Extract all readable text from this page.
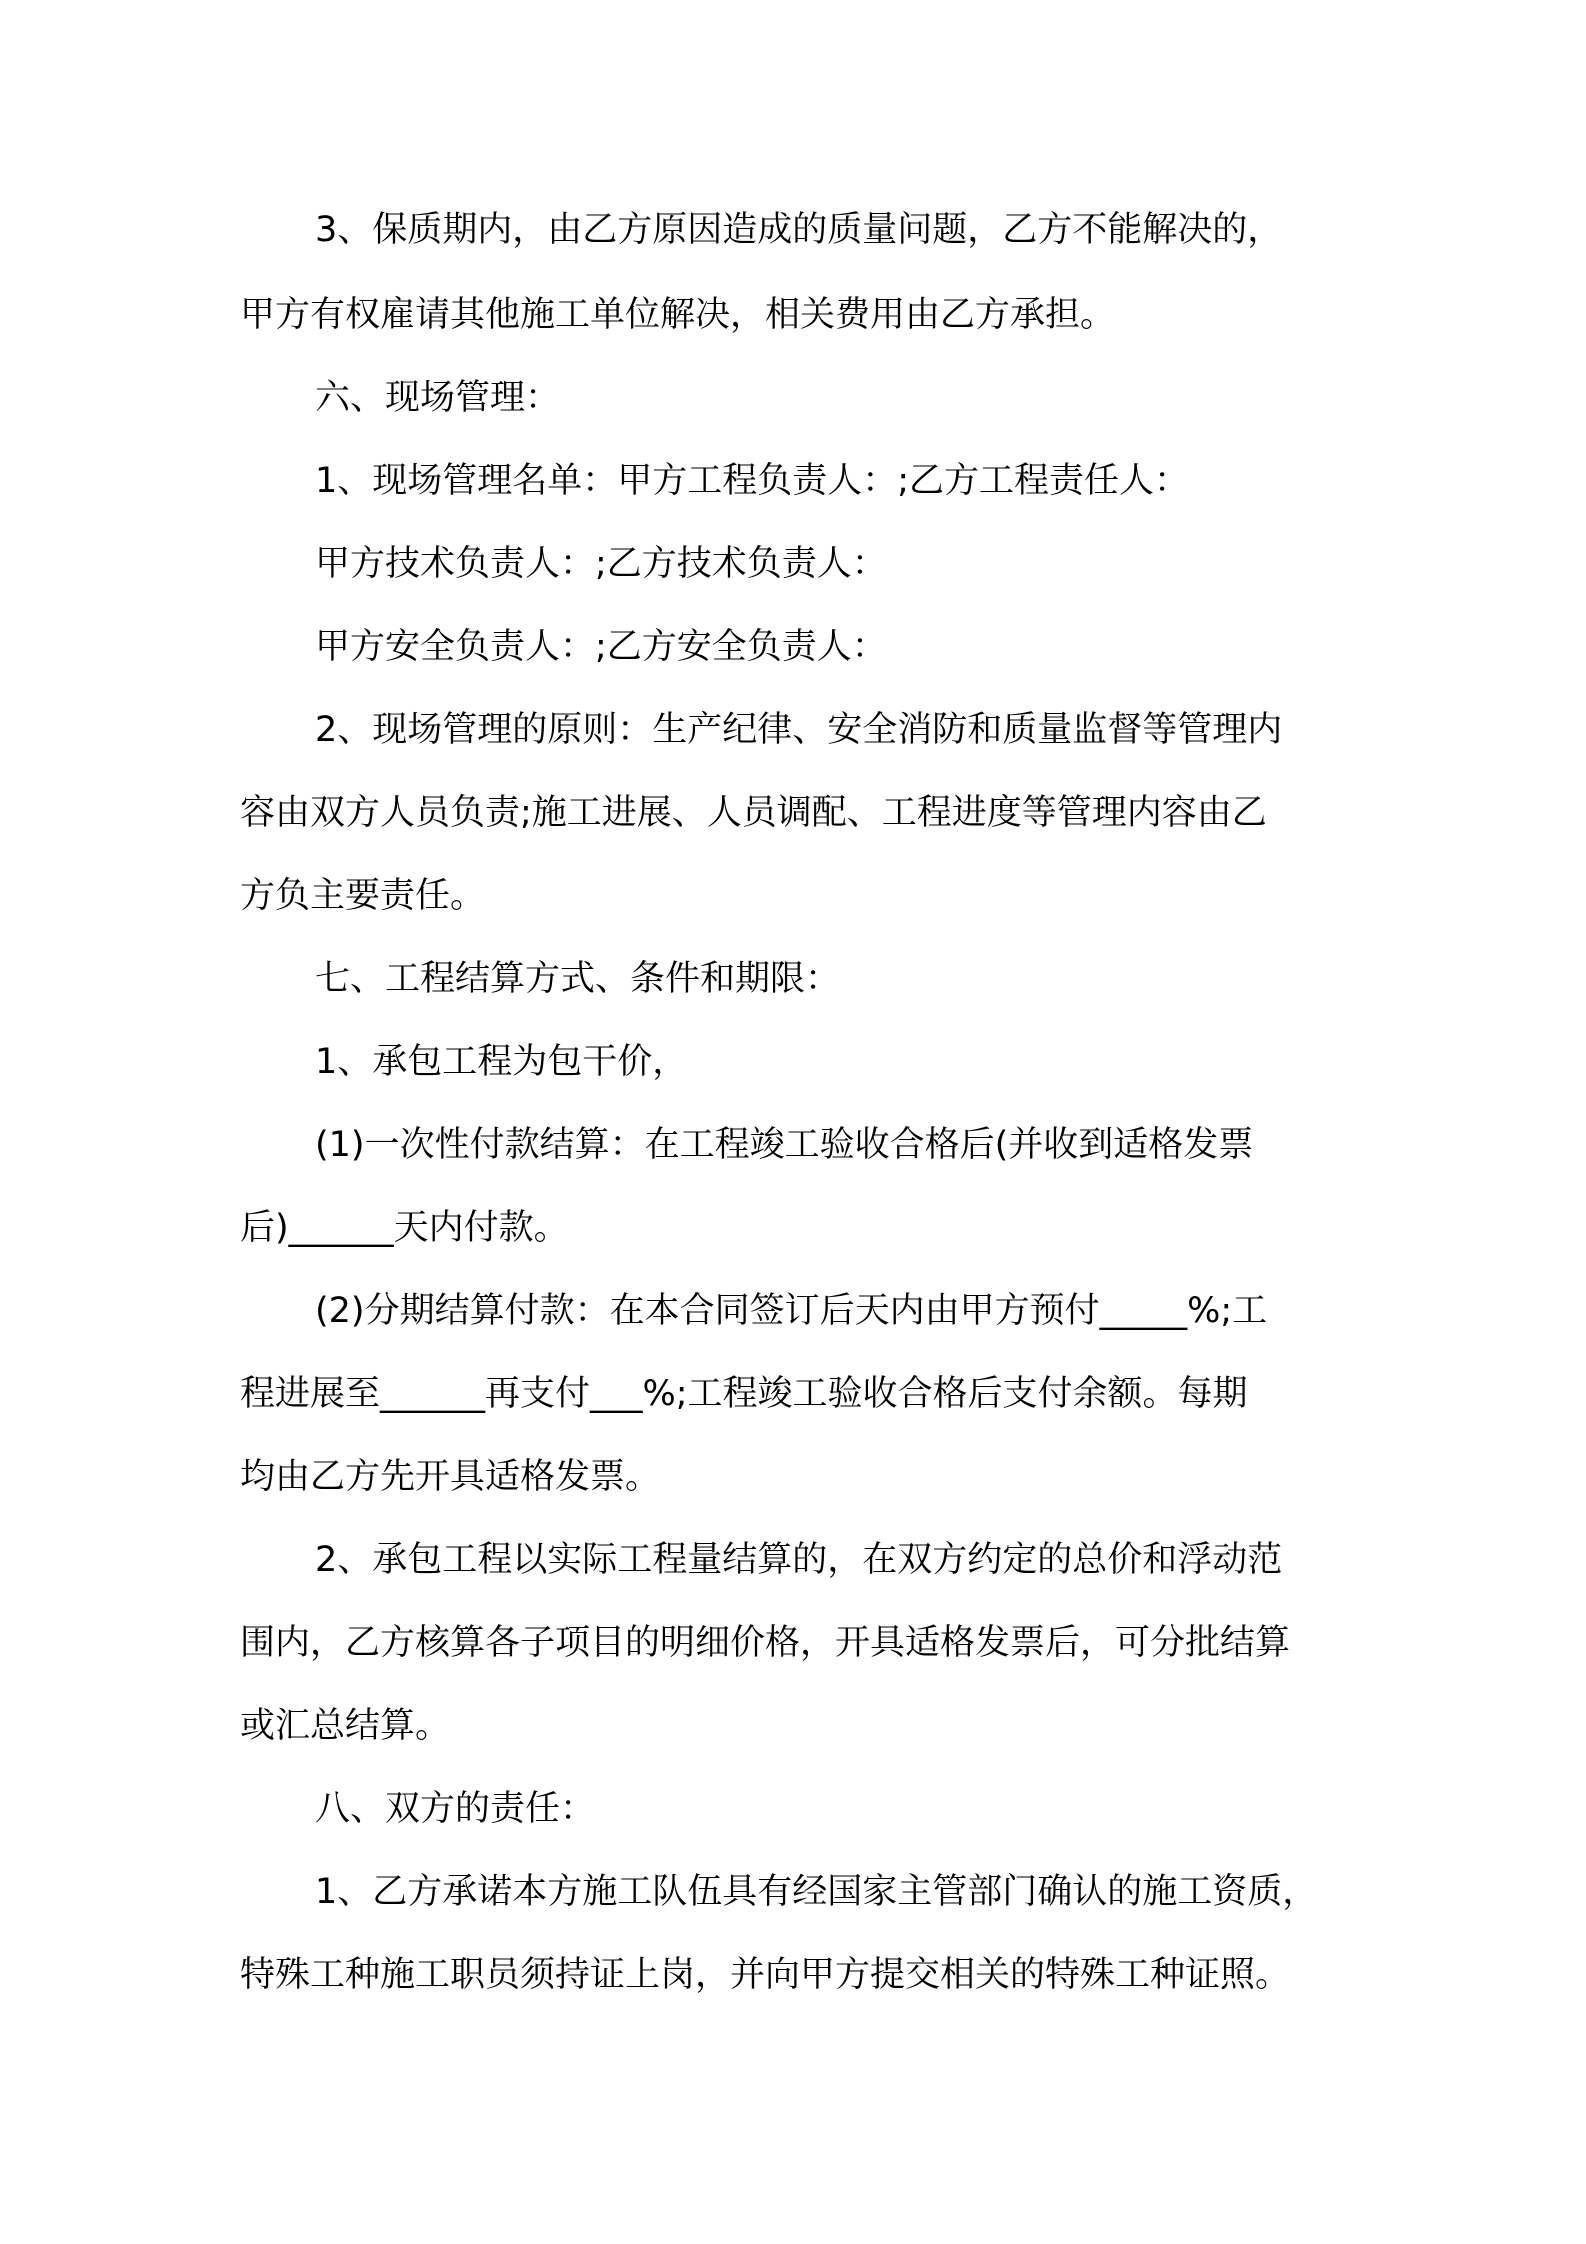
3、保质期内，由乙方原因造成的质量问题，乙方不能解决的，

甲方有权雇请其他施工单位解决，相关费用由乙方承担。

六、现场管理：

1、现场管理名单：甲方工程负责人：;乙方工程责任人：

甲方技术负责人：;乙方技术负责人：

甲方安全负责人：;乙方安全负责人：

2、现场管理的原则：生产纪律、安全消防和质量监督等管理内

容由双方人员负责;施工进展、人员调配、工程进度等管理内容由乙

方负主要责任。

七、工程结算方式、条件和期限：

1、承包工程为包干价，

(1)一次性付款结算：在工程竣工验收合格后(并收到适格发票

后)______天内付款。

(2)分期结算付款：在本合同签订后天内由甲方预付_____%;工

程进展至______再支付___%;工程竣工验收合格后支付余额。每期

均由乙方先开具适格发票。

2、承包工程以实际工程量结算的，在双方约定的总价和浮动范

围内，乙方核算各子项目的明细价格，开具适格发票后，可分批结算

或汇总结算。

八、双方的责任：

1、乙方承诺本方施工队伍具有经国家主管部门确认的施工资质，

特殊工种施工职员须持证上岗，并向甲方提交相关的特殊工种证照。
